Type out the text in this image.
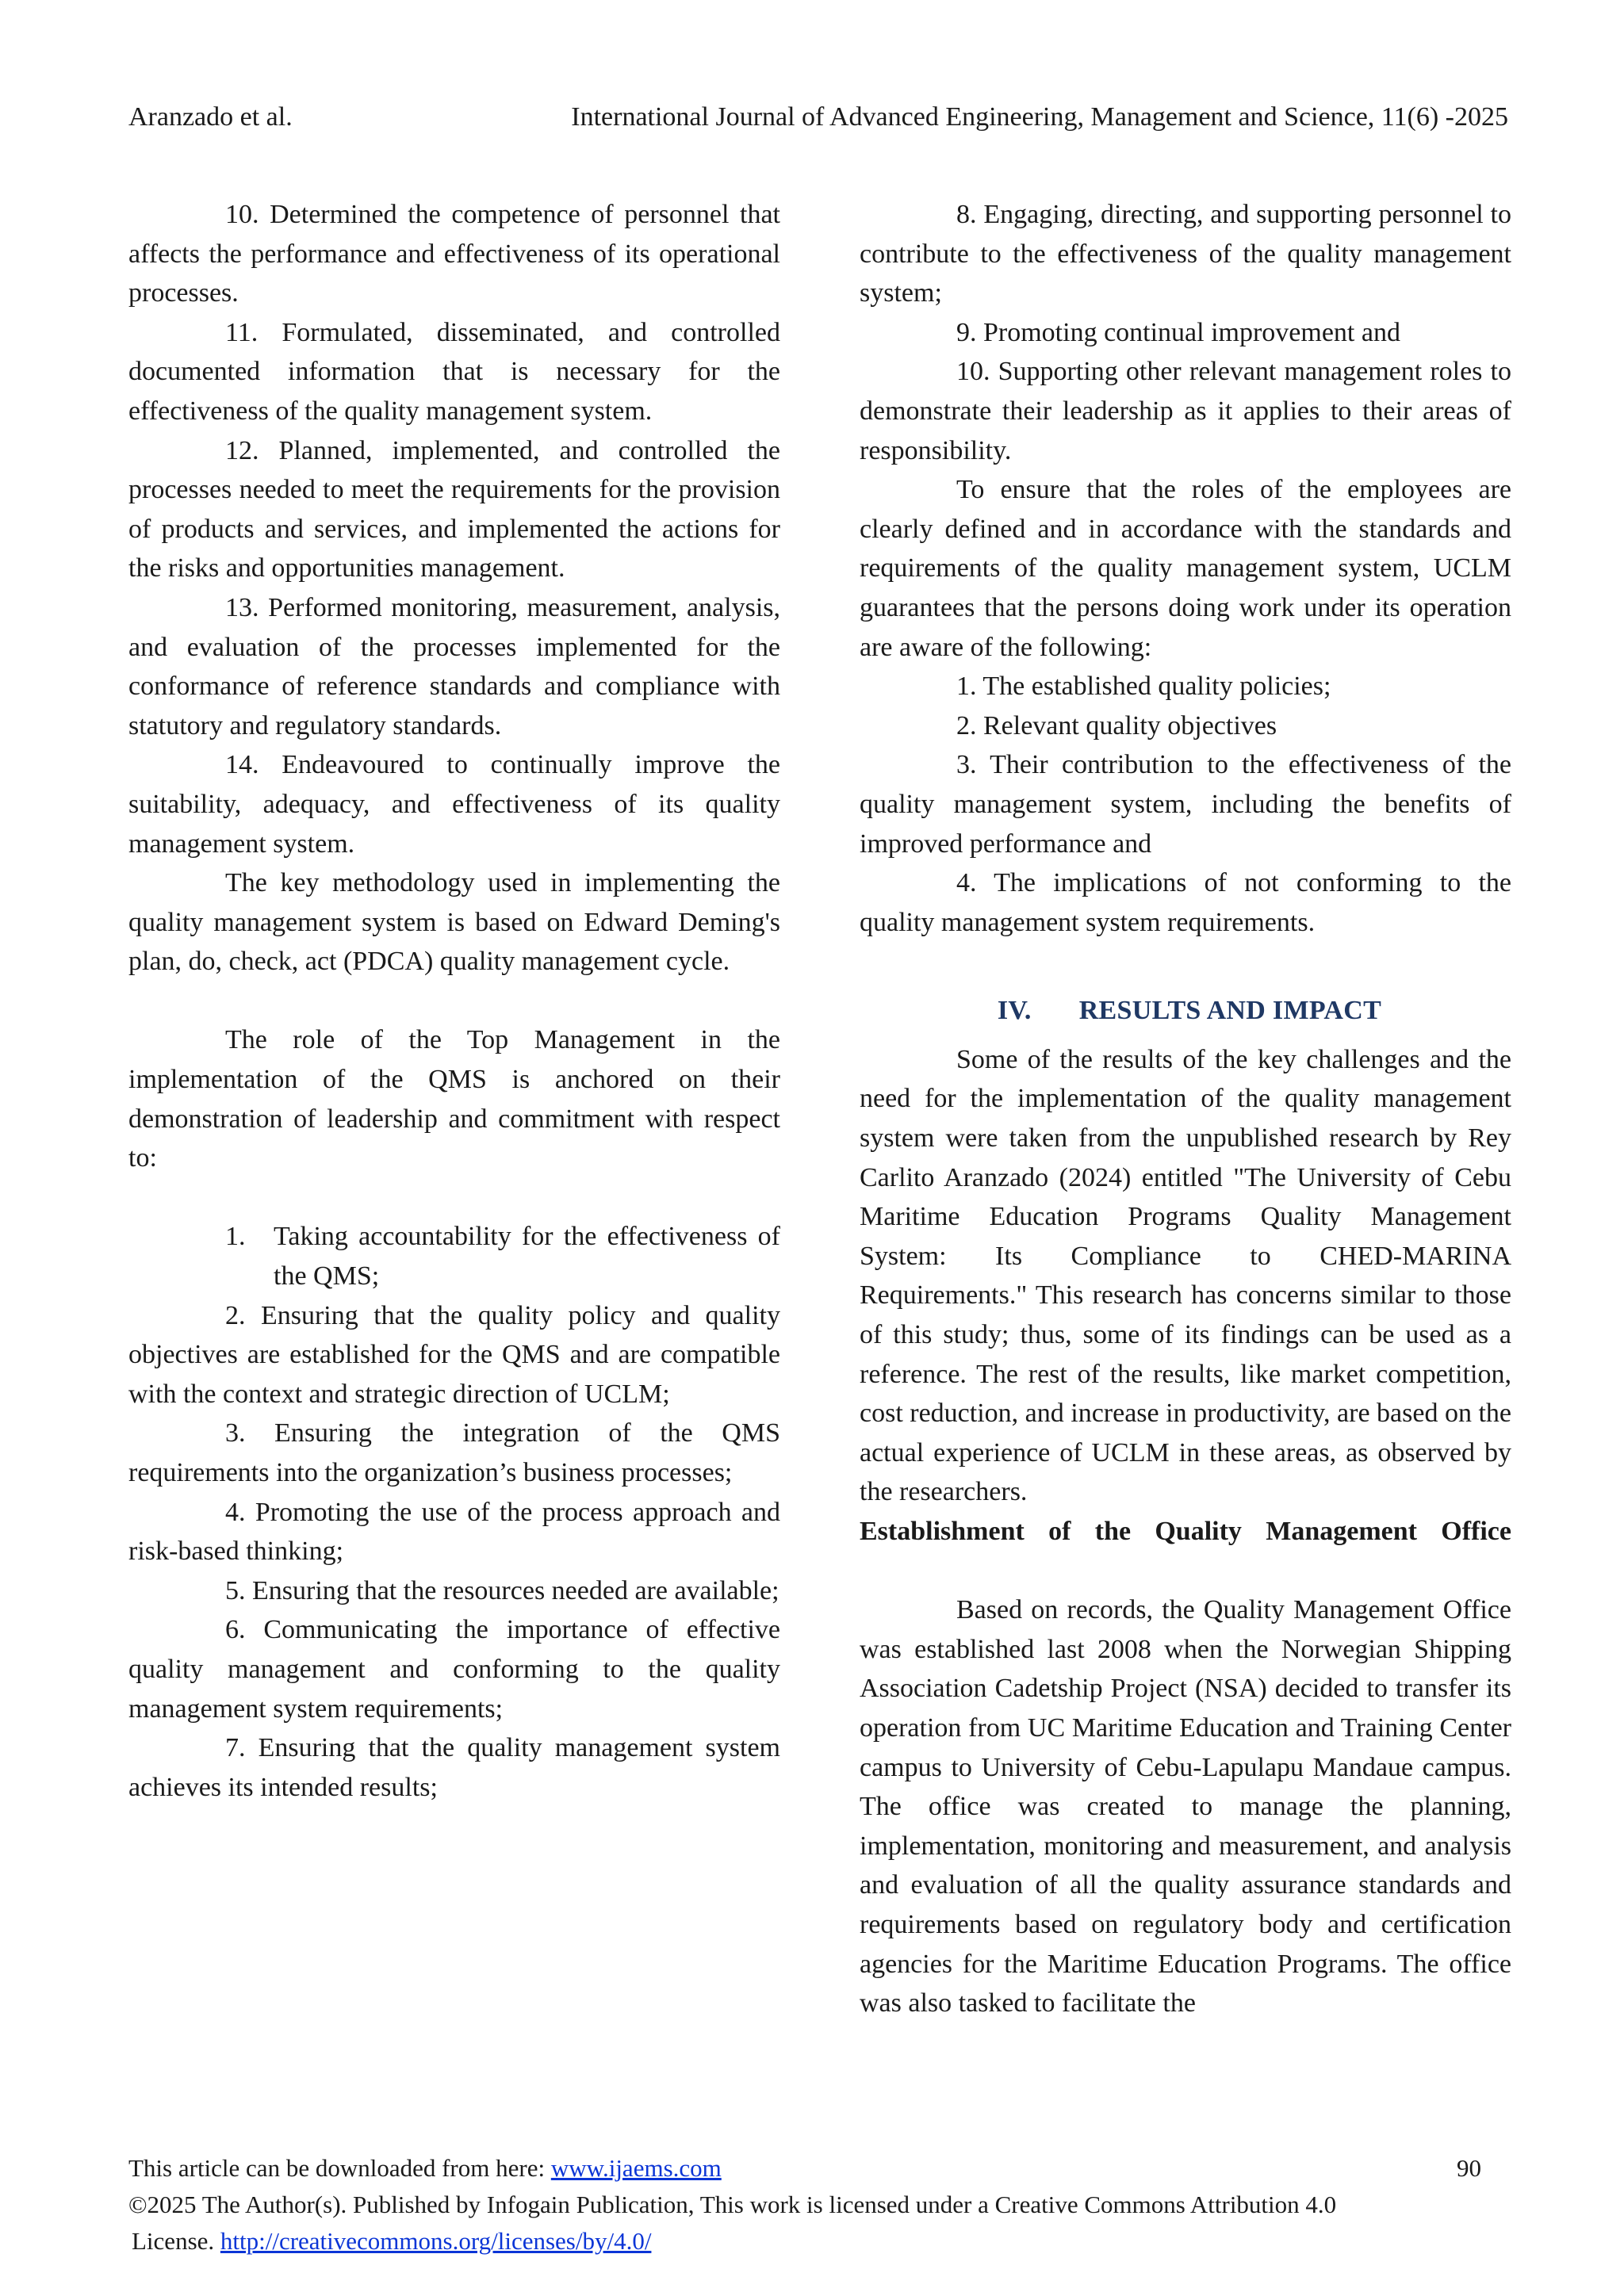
Aranzado et al.	International Journal of Advanced Engineering, Management and Science, 11(6) -2025

10. Determined the competence of personnel that affects the performance and effectiveness of its operational processes.

11. Formulated, disseminated, and controlled documented information that is necessary for the effectiveness of the quality management system.

12. Planned, implemented, and controlled the processes needed to meet the requirements for the provision of products and services, and implemented the actions for the risks and opportunities management.

13. Performed monitoring, measurement, analysis, and evaluation of the processes implemented for the conformance of reference standards and compliance with statutory and regulatory standards.

14. Endeavoured to continually improve the suitability, adequacy, and effectiveness of its quality management system.

The key methodology used in implementing the quality management system is based on Edward Deming's plan, do, check, act (PDCA) quality management cycle.

The role of the Top Management in the implementation of the QMS is anchored on their demonstration of leadership and commitment with respect to:

1.	Taking accountability for the effectiveness of the QMS;

2. Ensuring that the quality policy and quality objectives are established for the QMS and are compatible with the context and strategic direction of UCLM;

3. Ensuring the integration of the QMS requirements into the organization’s business processes;

4. Promoting the use of the process approach and risk-based thinking;

5. Ensuring that the resources needed are available;

6. Communicating the importance of effective quality management and conforming to the quality management system requirements;

7. Ensuring that the quality management system achieves its intended results;

8. Engaging, directing, and supporting personnel to contribute to the effectiveness of the quality management system;

9. Promoting continual improvement and

10. Supporting other relevant management roles to demonstrate their leadership as it applies to their areas of responsibility.

To ensure that the roles of the employees are clearly defined and in accordance with the standards and requirements of the quality management system, UCLM guarantees that the persons doing work under its operation are aware of the following:

1. The established quality policies;

2. Relevant quality objectives

3. Their contribution to the effectiveness of the quality management system, including the benefits of improved performance and

4. The implications of not conforming to the quality management system requirements.

IV. RESULTS AND IMPACT

Some of the results of the key challenges and the need for the implementation of the quality management system were taken from the unpublished research by Rey Carlito Aranzado (2024) entitled "The University of Cebu Maritime Education Programs Quality Management System: Its Compliance to CHED-MARINA Requirements." This research has concerns similar to those of this study; thus, some of its findings can be used as a reference. The rest of the results, like market competition, cost reduction, and increase in productivity, are based on the actual experience of UCLM in these areas, as observed by the researchers.

Establishment of the Quality Management Office

Based on records, the Quality Management Office was established last 2008 when the Norwegian Shipping Association Cadetship Project (NSA) decided to transfer its operation from UC Maritime Education and Training Center campus to University of Cebu-Lapulapu Mandaue campus. The office was created to manage the planning, implementation, monitoring and measurement, and analysis and evaluation of all the quality assurance standards and requirements based on regulatory body and certification agencies for the Maritime Education Programs. The office was also tasked to facilitate the

This article can be downloaded from here: www.ijaems.com	90
©2025 The Author(s). Published by Infogain Publication, This work is licensed under a Creative Commons Attribution 4.0
License. http://creativecommons.org/licenses/by/4.0/
